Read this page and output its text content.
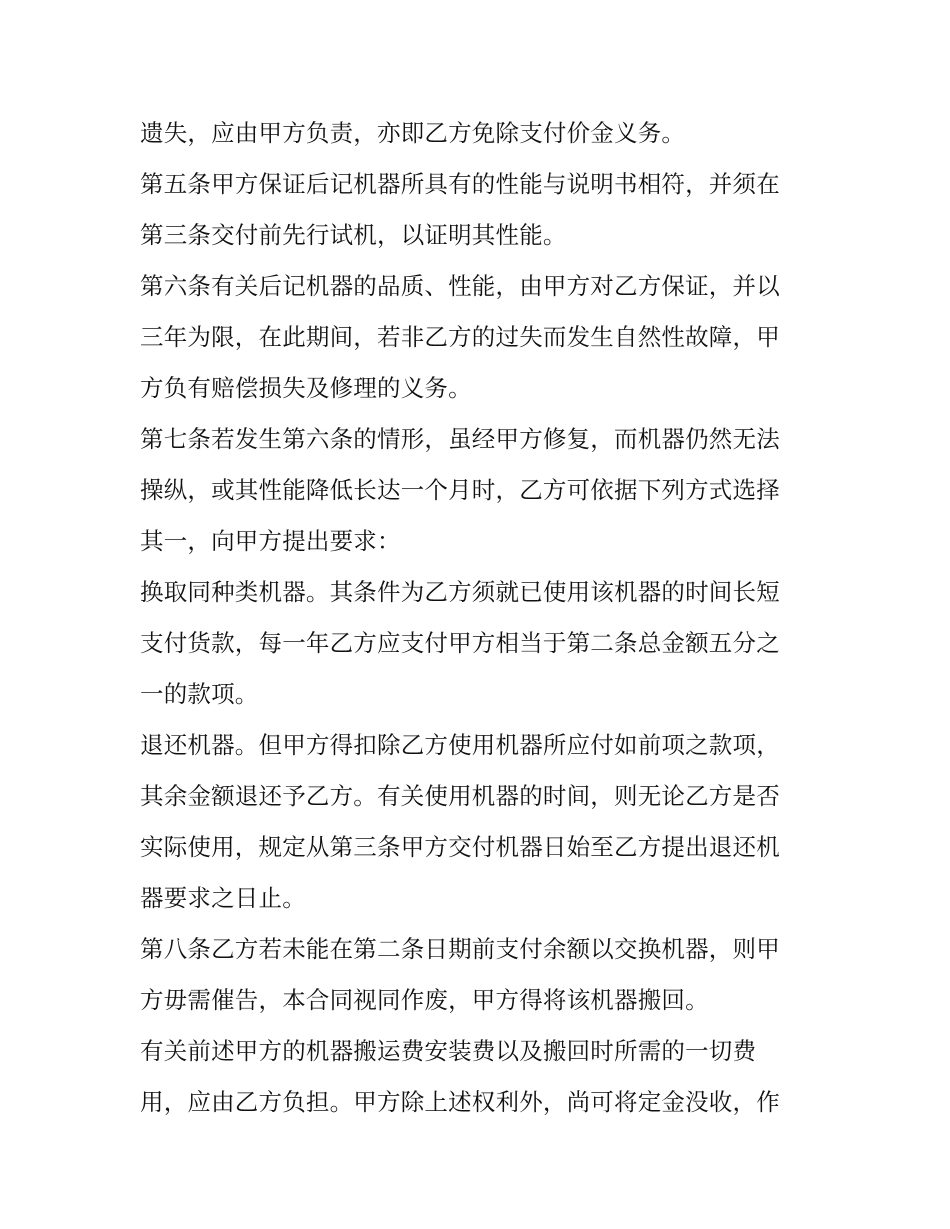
遗失，应由甲方负责，亦即乙方免除支付价金义务。
第五条甲方保证后记机器所具有的性能与说明书相符，并须在
第三条交付前先行试机，以证明其性能。
第六条有关后记机器的品质、性能，由甲方对乙方保证，并以
三年为限，在此期间，若非乙方的过失而发生自然性故障，甲
方负有赔偿损失及修理的义务。
第七条若发生第六条的情形，虽经甲方修复，而机器仍然无法
操纵，或其性能降低长达一个月时，乙方可依据下列方式选择
其一，向甲方提出要求：
换取同种类机器。其条件为乙方须就已使用该机器的时间长短
支付货款，每一年乙方应支付甲方相当于第二条总金额五分之
一的款项。
退还机器。但甲方得扣除乙方使用机器所应付如前项之款项，
其余金额退还予乙方。有关使用机器的时间，则无论乙方是否
实际使用，规定从第三条甲方交付机器日始至乙方提出退还机
器要求之日止。
第八条乙方若未能在第二条日期前支付余额以交换机器，则甲
方毋需催告，本合同视同作废，甲方得将该机器搬回。
有关前述甲方的机器搬运费安装费以及搬回时所需的一切费
用，应由乙方负担。甲方除上述权利外，尚可将定金没收，作
